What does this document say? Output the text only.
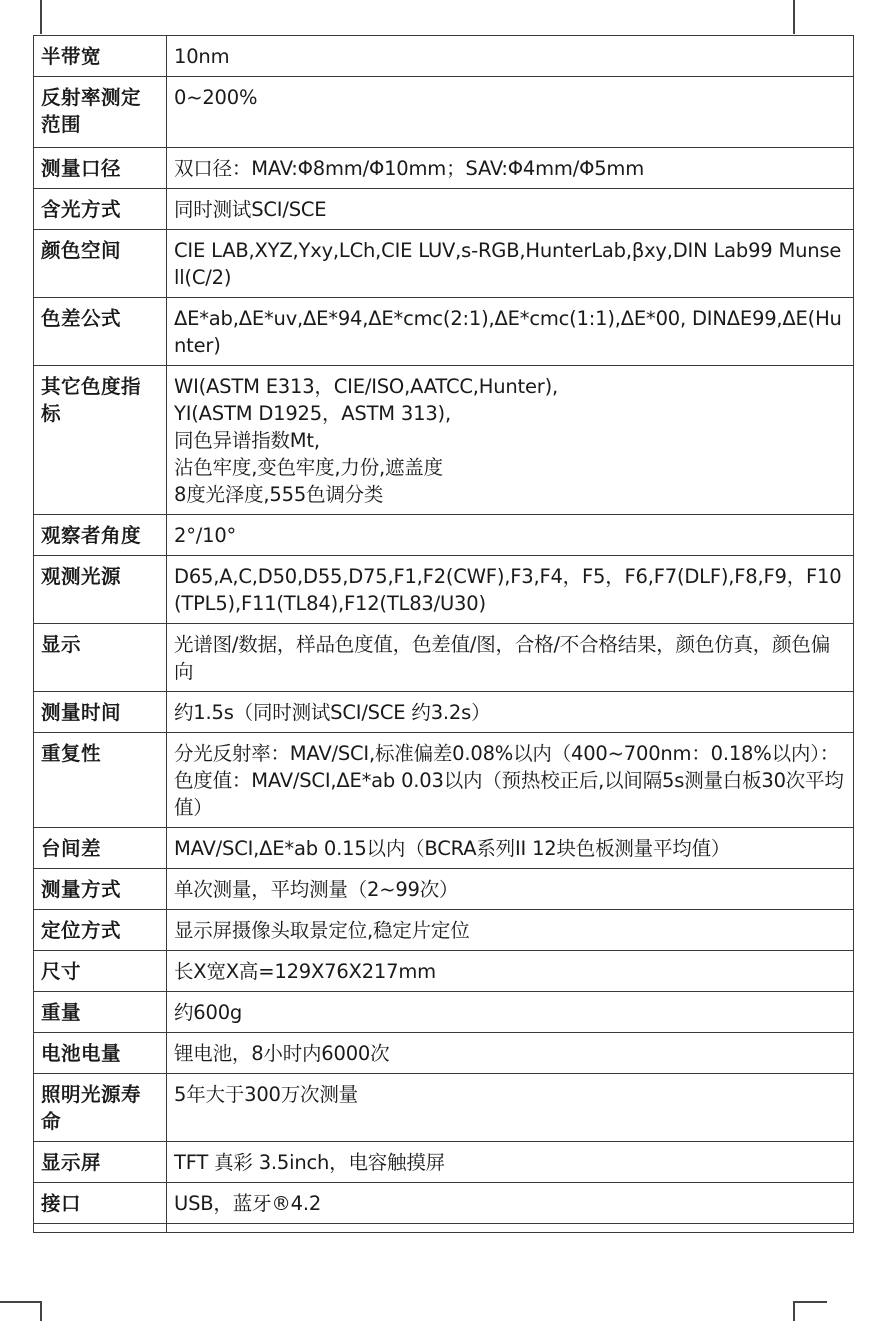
半带宽	10nm
反射率测定范围	0~200%
测量口径	双口径：MAV:Φ8mm/Φ10mm；SAV:Φ4mm/Φ5mm
含光方式	同时测试SCI/SCE
颜色空间	CIE LAB,XYZ,Yxy,LCh,CIE LUV,s-RGB,HunterLab,βxy,DIN Lab99 Munsell(C/2)
色差公式	ΔE*ab,ΔE*uv,ΔE*94,ΔE*cmc(2:1),ΔE*cmc(1:1),ΔE*00, DINΔE99,ΔE(Hunter)
其它色度指标	WI(ASTM E313，CIE/ISO,AATCC,Hunter),
YI(ASTM D1925，ASTM 313),
同色异谱指数Mt,
沾色牢度,变色牢度,力份,遮盖度
8度光泽度,555色调分类
观察者角度	2°/10°
观测光源	D65,A,C,D50,D55,D75,F1,F2(CWF),F3,F4，F5，F6,F7(DLF),F8,F9，F10(TPL5),F11(TL84),F12(TL83/U30)
显示	光谱图/数据，样品色度值，色差值/图，合格/不合格结果，颜色仿真，颜色偏向
测量时间	约1.5s（同时测试SCI/SCE 约3.2s）
重复性	分光反射率：MAV/SCI,标准偏差0.08%以内（400~700nm：0.18%以内）：
色度值：MAV/SCI,ΔE*ab 0.03以内（预热校正后,以间隔5s测量白板30次平均值）
台间差	MAV/SCI,ΔE*ab 0.15以内（BCRA系列II 12块色板测量平均值）
测量方式	单次测量，平均测量（2~99次）
定位方式	显示屏摄像头取景定位,稳定片定位
尺寸	长X宽X高=129X76X217mm
重量	约600g
电池电量	锂电池，8小时内6000次
照明光源寿命	5年大于300万次测量
显示屏	TFT 真彩 3.5inch，电容触摸屏
接口	USB，蓝牙®4.2
